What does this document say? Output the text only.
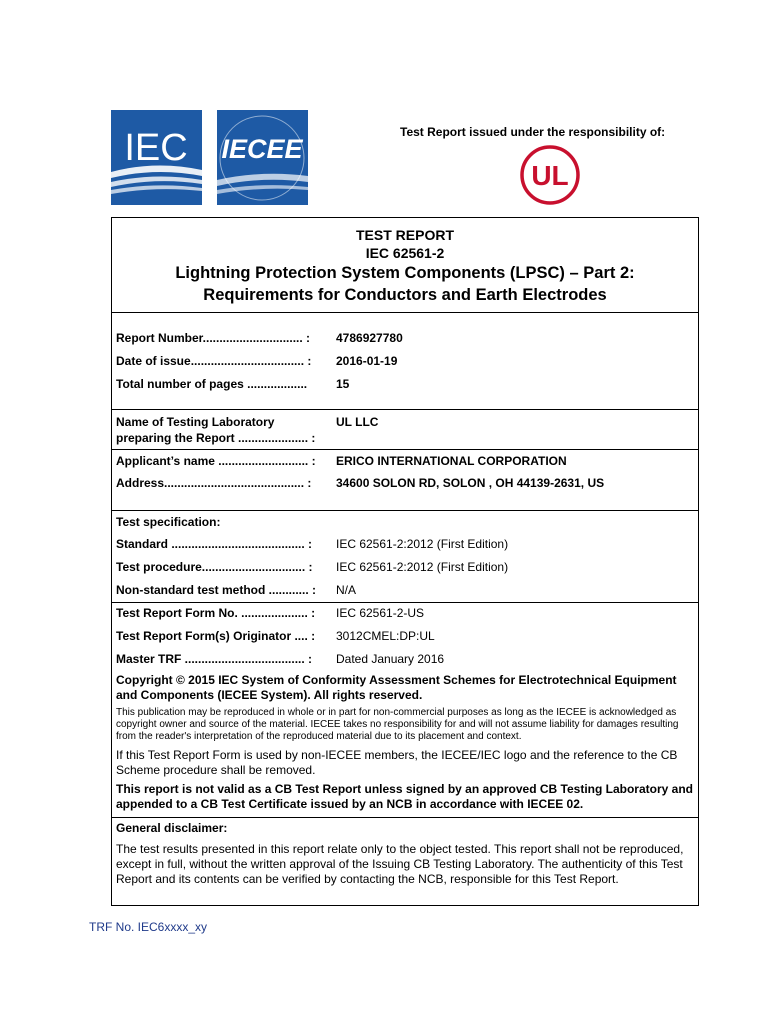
IEC IECEE
Test Report issued under the responsibility of:
UL
TEST REPORT
IEC 62561-2
Lightning Protection System Components (LPSC) – Part 2:
Requirements for Conductors and Earth Electrodes
Report Number.............................. : 4786927780
Date of issue.................................. : 2016-01-19
Total number of pages .................. 15
Name of Testing Laboratory
preparing the Report ..................... :
UL LLC
Applicant’s name ........................... : ERICO INTERNATIONAL CORPORATION
Address.......................................... : 34600 SOLON RD, SOLON , OH 44139-2631, US
Test specification:
Standard ........................................ : IEC 62561-2:2012 (First Edition)
Test procedure............................... : IEC 62561-2:2012 (First Edition)
Non-standard test method ............ : N/A
Test Report Form No. .................... : IEC 62561-2-US
Test Report Form(s) Originator .... : 3012CMEL:DP:UL
Master TRF .................................... : Dated January 2016
Copyright © 2015 IEC System of Conformity Assessment Schemes for Electrotechnical Equipment and Components (IECEE System). All rights reserved.
This publication may be reproduced in whole or in part for non-commercial purposes as long as the IECEE is acknowledged as copyright owner and source of the material. IECEE takes no responsibility for and will not assume liability for damages resulting from the reader's interpretation of the reproduced material due to its placement and context.
If this Test Report Form is used by non-IECEE members, the IECEE/IEC logo and the reference to the CB Scheme procedure shall be removed.
This report is not valid as a CB Test Report unless signed by an approved CB Testing Laboratory and appended to a CB Test Certificate issued by an NCB in accordance with IECEE 02.
General disclaimer:
The test results presented in this report relate only to the object tested. This report shall not be reproduced, except in full, without the written approval of the Issuing CB Testing Laboratory. The authenticity of this Test Report and its contents can be verified by contacting the NCB, responsible for this Test Report.
TRF No. IEC6xxxx_xy
